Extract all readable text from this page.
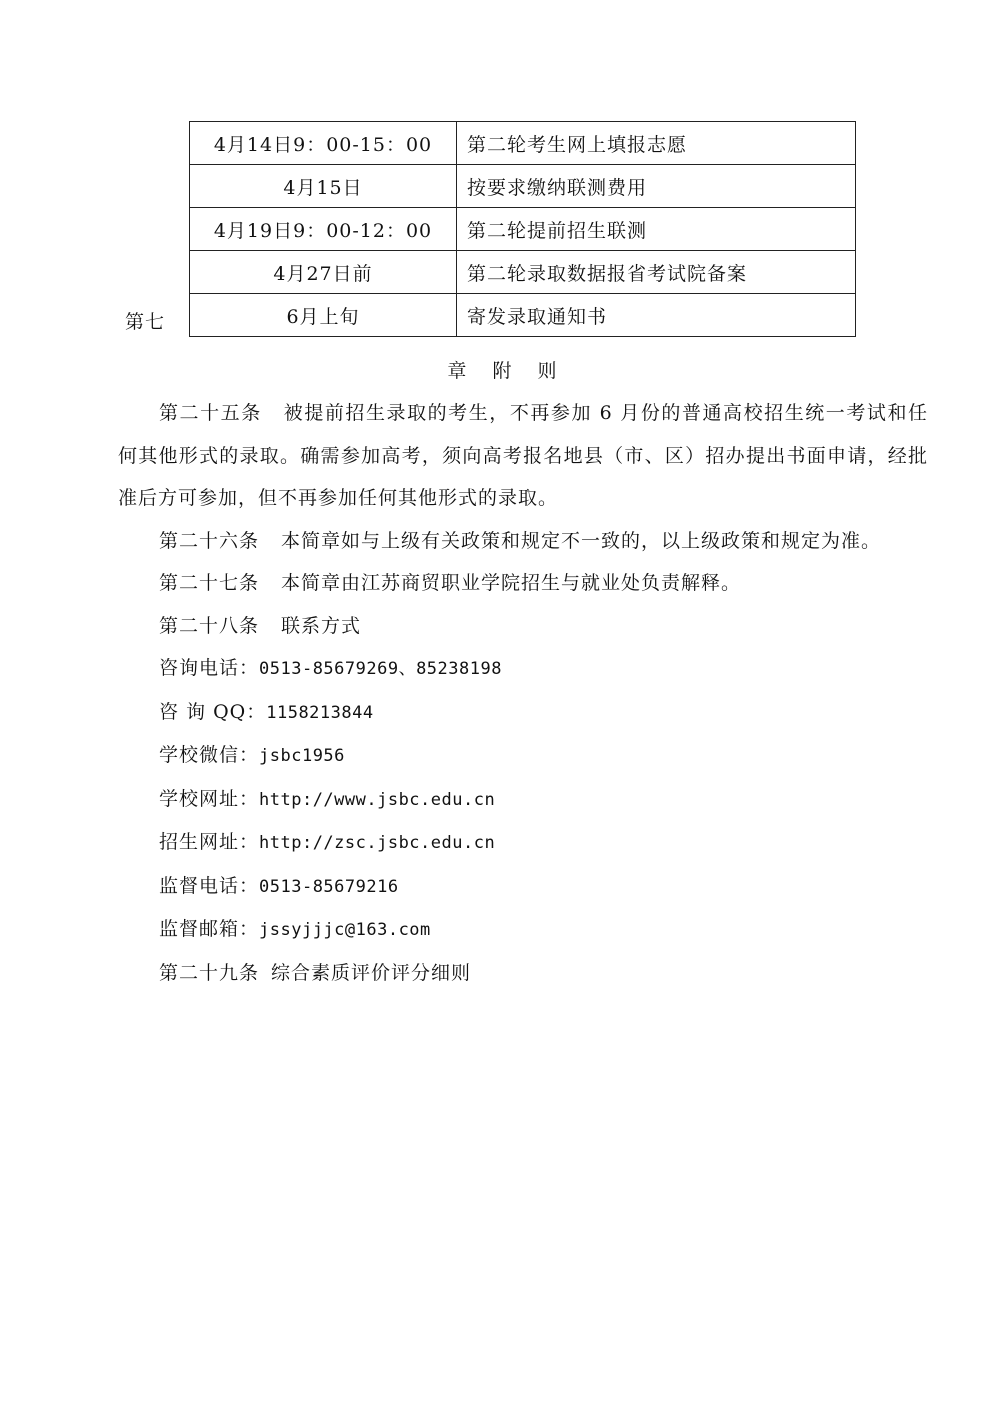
4月14日9：00-15：00	第二轮考生网上填报志愿
4月15日	按要求缴纳联测费用
4月19日9：00-12：00	第二轮提前招生联测
4月27日前	第二轮录取数据报省考试院备案
6月上旬	寄发录取通知书
第七
章 附 则

第二十五条 被提前招生录取的考生，不再参加 6 月份的普通高校招生统一考试和任何其他形式的录取。确需参加高考，须向高考报名地县（市、区）招办提出书面申请，经批准后方可参加，但不再参加任何其他形式的录取。

第二十六条 本简章如与上级有关政策和规定不一致的，以上级政策和规定为准。

第二十七条 本简章由江苏商贸职业学院招生与就业处负责解释。

第二十八条 联系方式

咨询电话：0513-85679269、85238198

咨 询 QQ：1158213844

学校微信：jsbc1956

学校网址：http://www.jsbc.edu.cn

招生网址：http://zsc.jsbc.edu.cn

监督电话：0513-85679216

监督邮箱：jssyjjjc@163.com

第二十九条 综合素质评价评分细则
